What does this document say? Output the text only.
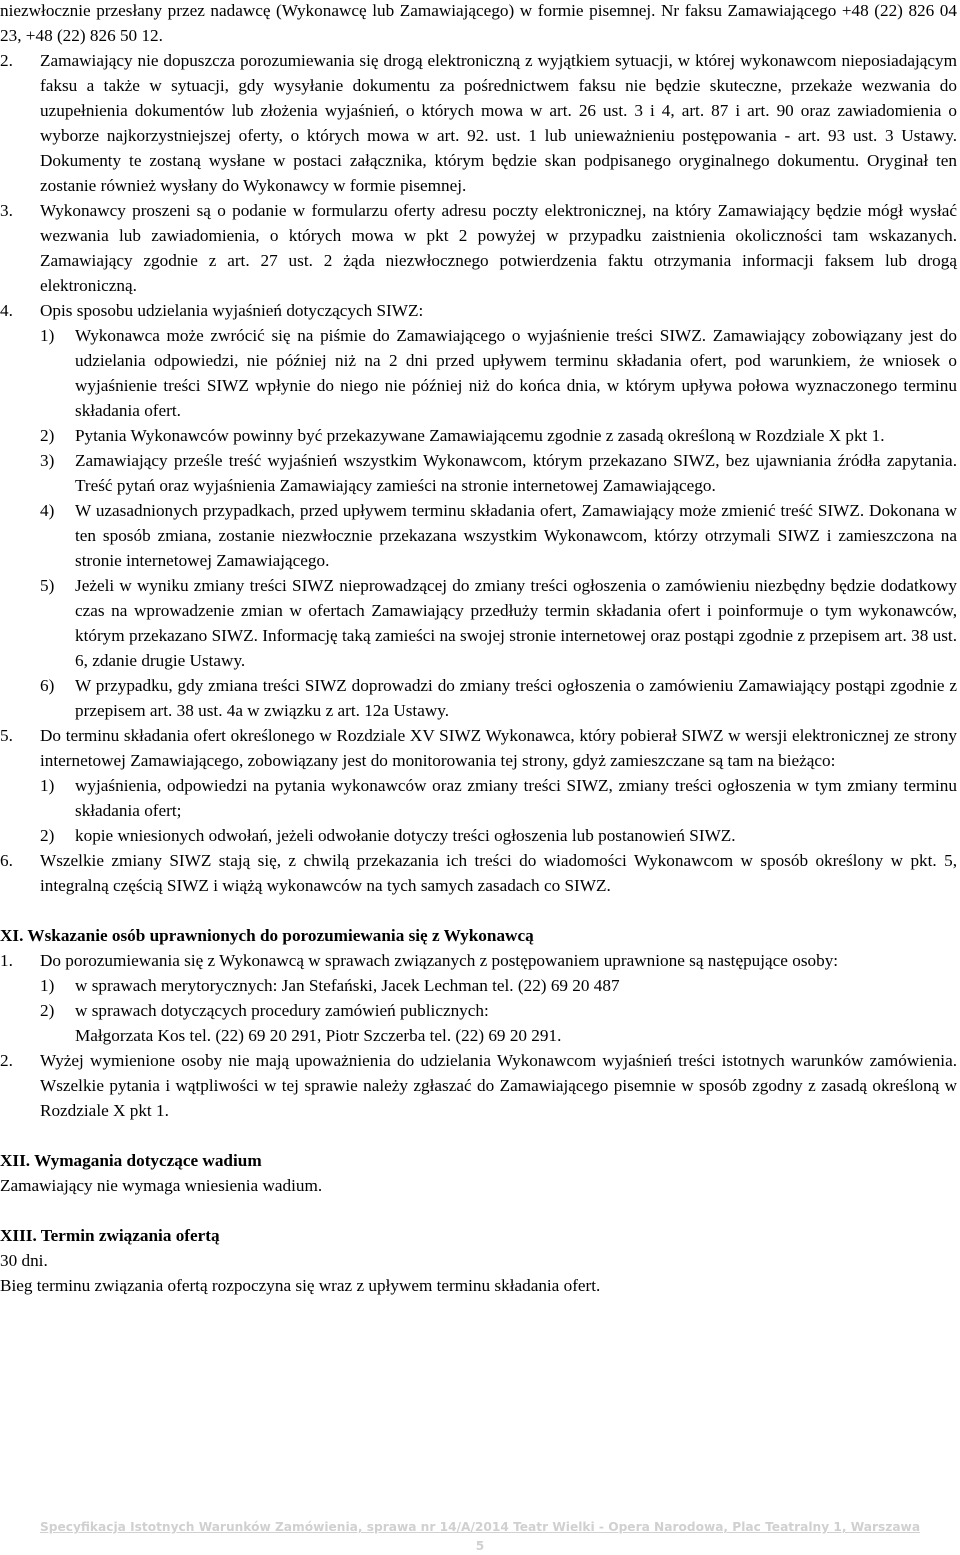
niezwłocznie przesłany przez nadawcę (Wykonawcę lub Zamawiającego) w formie pisemnej. Nr faksu Zamawiającego +48 (22) 826 04 23, +48 (22) 826 50 12.

2.	Zamawiający nie dopuszcza porozumiewania się drogą elektroniczną z wyjątkiem sytuacji, w której wykonawcom nieposiadającym faksu a także w sytuacji, gdy wysyłanie dokumentu za pośrednictwem faksu nie będzie skuteczne, przekaże wezwania do uzupełnienia dokumentów lub złożenia wyjaśnień, o których mowa w art. 26 ust. 3 i 4, art. 87 i art. 90 oraz zawiadomienia o wyborze najkorzystniejszej oferty, o których mowa w art. 92. ust. 1 lub unieważnieniu postępowania - art. 93 ust. 3 Ustawy. Dokumenty te zostaną wysłane w postaci załącznika, którym będzie skan podpisanego oryginalnego dokumentu. Oryginał ten zostanie również wysłany do Wykonawcy w formie pisemnej.
3.	Wykonawcy proszeni są o podanie w formularzu oferty adresu poczty elektronicznej, na który Zamawiający będzie mógł wysłać wezwania lub zawiadomienia, o których mowa w pkt 2 powyżej w przypadku zaistnienia okoliczności tam wskazanych. Zamawiający zgodnie z art. 27 ust. 2 żąda niezwłocznego potwierdzenia faktu otrzymania informacji faksem lub drogą elektroniczną.
4.	Opis sposobu udzielania wyjaśnień dotyczących SIWZ:
1)	Wykonawca może zwrócić się na piśmie do Zamawiającego o wyjaśnienie treści SIWZ. Zamawiający zobowiązany jest do udzielania odpowiedzi, nie później niż na 2 dni przed upływem terminu składania ofert, pod warunkiem, że wniosek o wyjaśnienie treści SIWZ wpłynie do niego nie później niż do końca dnia, w którym upływa połowa wyznaczonego terminu składania ofert.
2)	Pytania Wykonawców powinny być przekazywane Zamawiającemu zgodnie z zasadą określoną w Rozdziale X pkt 1.
3)	Zamawiający prześle treść wyjaśnień wszystkim Wykonawcom, którym przekazano SIWZ, bez ujawniania źródła zapytania. Treść pytań oraz wyjaśnienia Zamawiający zamieści na stronie internetowej Zamawiającego.
4)	W uzasadnionych przypadkach, przed upływem terminu składania ofert, Zamawiający może zmienić treść SIWZ. Dokonana w ten sposób zmiana, zostanie niezwłocznie przekazana wszystkim Wykonawcom, którzy otrzymali SIWZ i zamieszczona na stronie internetowej Zamawiającego.
5)	Jeżeli w wyniku zmiany treści SIWZ nieprowadzącej do zmiany treści ogłoszenia o zamówieniu niezbędny będzie dodatkowy czas na wprowadzenie zmian w ofertach Zamawiający przedłuży termin składania ofert i poinformuje o tym wykonawców, którym przekazano SIWZ. Informację taką zamieści na swojej stronie internetowej oraz postąpi zgodnie z przepisem art. 38 ust. 6, zdanie drugie Ustawy.
6)	W przypadku, gdy zmiana treści SIWZ doprowadzi do zmiany treści ogłoszenia o zamówieniu Zamawiający postąpi zgodnie z przepisem art. 38 ust. 4a w związku z art. 12a Ustawy.
5.	Do terminu składania ofert określonego w Rozdziale XV SIWZ Wykonawca, który pobierał SIWZ w wersji elektronicznej ze strony internetowej Zamawiającego, zobowiązany jest do monitorowania tej strony, gdyż zamieszczane są tam na bieżąco:
1)	wyjaśnienia, odpowiedzi na pytania wykonawców oraz zmiany treści SIWZ, zmiany treści ogłoszenia w tym zmiany terminu składania ofert;
2)	kopie wniesionych odwołań, jeżeli odwołanie dotyczy treści ogłoszenia lub postanowień SIWZ.
6.	Wszelkie zmiany SIWZ stają się, z chwilą przekazania ich treści do wiadomości Wykonawcom w sposób określony w pkt. 5, integralną częścią SIWZ i wiążą wykonawców na tych samych zasadach co SIWZ.
XI. Wskazanie osób uprawnionych do porozumiewania się z Wykonawcą
1.	Do porozumiewania się z Wykonawcą w sprawach związanych z postępowaniem uprawnione są następujące osoby:
1)	w sprawach merytorycznych: Jan Stefański, Jacek Lechman tel. (22) 69 20 487
2)	w sprawach dotyczących procedury zamówień publicznych:

Małgorzata Kos tel. (22) 69 20 291, Piotr Szczerba tel. (22) 69 20 291.

2.	Wyżej wymienione osoby nie mają upoważnienia do udzielania Wykonawcom wyjaśnień treści istotnych warunków zamówienia. Wszelkie pytania i wątpliwości w tej sprawie należy zgłaszać do Zamawiającego pisemnie w sposób zgodny z zasadą określoną w Rozdziale X pkt 1.
XII. Wymagania dotyczące wadium

Zamawiający nie wymaga wniesienia wadium.

XIII. Termin związania ofertą

30 dni.

Bieg terminu związania ofertą rozpoczyna się wraz z upływem terminu składania ofert.

Specyfikacja Istotnych Warunków Zamówienia, sprawa nr 14/A/2014 Teatr Wielki - Opera Narodowa, Plac Teatralny 1, Warszawa
5
